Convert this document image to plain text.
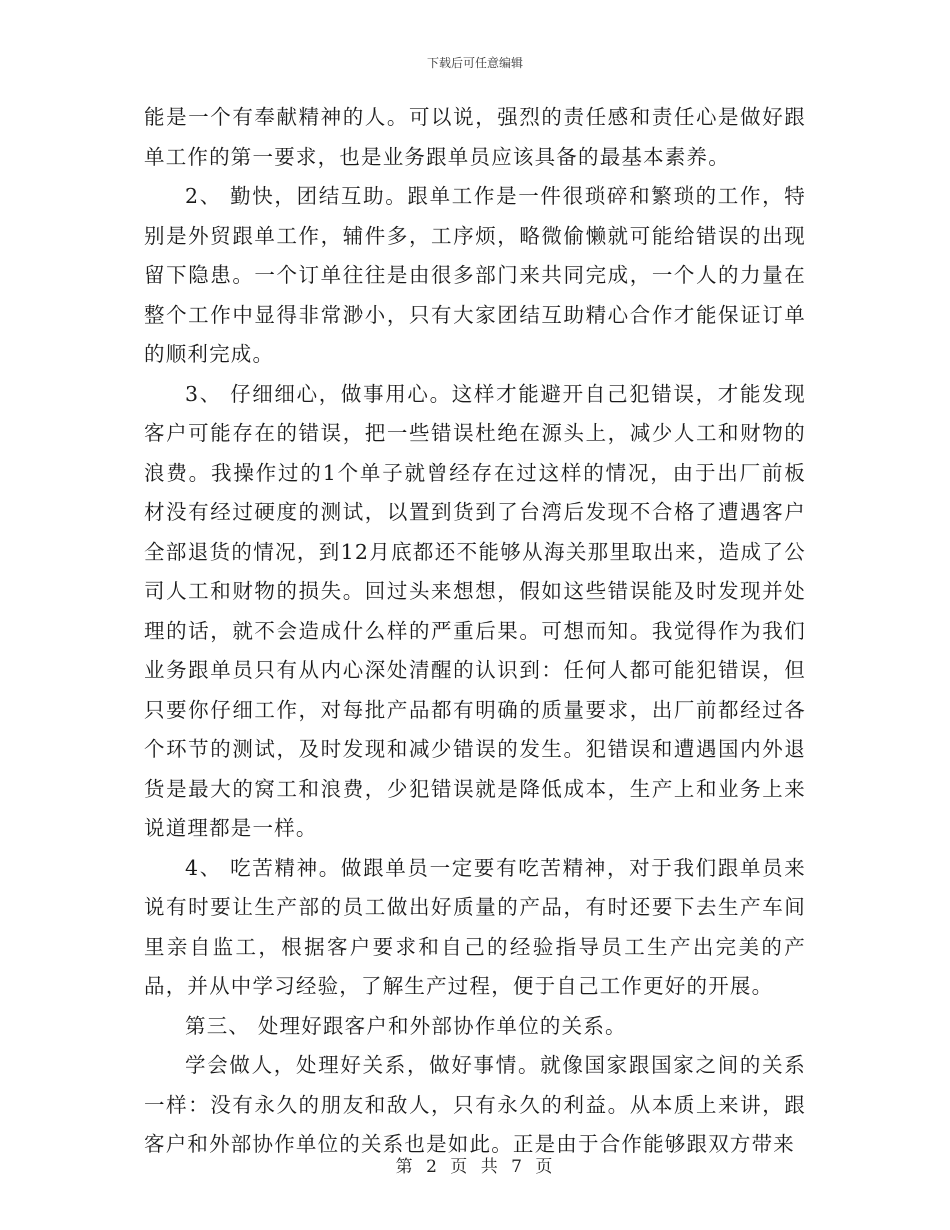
下载后可任意编辑

能是一个有奉献精神的人。可以说，强烈的责任感和责任心是做好跟单工作的第一要求，也是业务跟单员应该具备的最基本素养。

2、 勤快，团结互助。跟单工作是一件很琐碎和繁琐的工作，特别是外贸跟单工作，辅件多，工序烦，略微偷懒就可能给错误的出现留下隐患。一个订单往往是由很多部门来共同完成，一个人的力量在整个工作中显得非常渺小，只有大家团结互助精心合作才能保证订单的顺利完成。

3、 仔细细心，做事用心。这样才能避开自己犯错误，才能发现客户可能存在的错误，把一些错误杜绝在源头上，减少人工和财物的浪费。我操作过的1个单子就曾经存在过这样的情况，由于出厂前板材没有经过硬度的测试，以置到货到了台湾后发现不合格了遭遇客户全部退货的情况，到12月底都还不能够从海关那里取出来，造成了公司人工和财物的损失。回过头来想想，假如这些错误能及时发现并处理的话，就不会造成什么样的严重后果。可想而知。我觉得作为我们业务跟单员只有从内心深处清醒的认识到：任何人都可能犯错误，但只要你仔细工作，对每批产品都有明确的质量要求，出厂前都经过各个环节的测试，及时发现和减少错误的发生。犯错误和遭遇国内外退货是最大的窝工和浪费，少犯错误就是降低成本，生产上和业务上来说道理都是一样。

4、 吃苦精神。做跟单员一定要有吃苦精神，对于我们跟单员来说有时要让生产部的员工做出好质量的产品，有时还要下去生产车间里亲自监工，根据客户要求和自己的经验指导员工生产出完美的产品，并从中学习经验，了解生产过程，便于自己工作更好的开展。

第三、 处理好跟客户和外部协作单位的关系。

学会做人，处理好关系，做好事情。就像国家跟国家之间的关系一样：没有永久的朋友和敌人，只有永久的利益。从本质上来讲，跟客户和外部协作单位的关系也是如此。正是由于合作能够跟双方带来

第 2 页 共 7 页
